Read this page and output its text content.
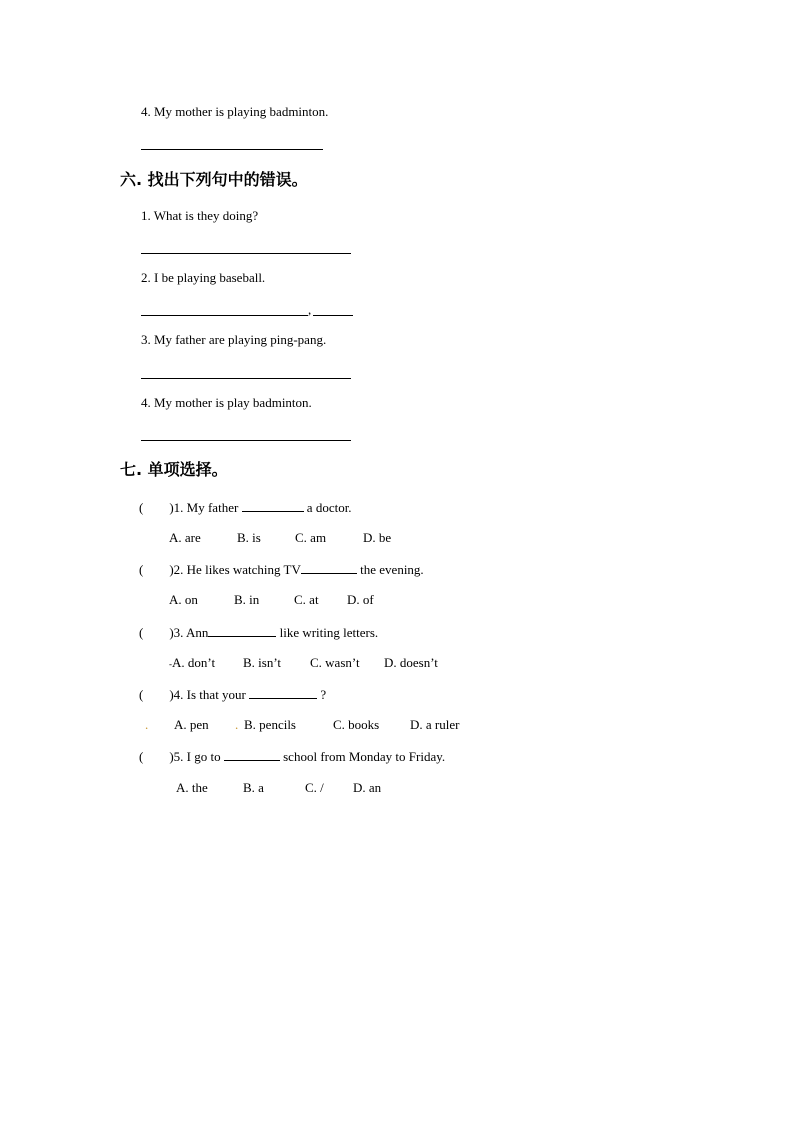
4. My mother is playing badminton.
六. 找出下列句中的错误。
1. What is they doing?
2. I be playing baseball.
,
3. My father are playing ping-pang.
4. My mother is play badminton.
七. 单项选择。
( )1. My father	a doctor.
A. are	B. is	C. am	D. be
( )2. He likes watching TV	the evening.
A. on	B. in	C. at D. of
( )3. Ann	like writing letters.
-A. don’t B. isn’t C. wasn’t D. doesn’t
( )4. Is that your	?
. A. pen . B. pencils	C. books D. a ruler
( )5. I go to	school from Monday to Friday.
A. the	B. a	C. / D. an
